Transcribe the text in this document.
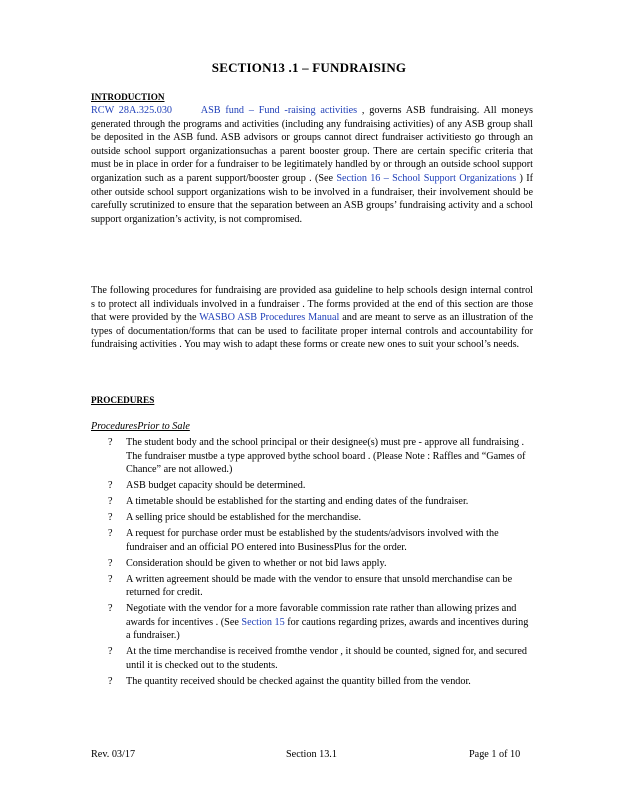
SECTION13 .1 – FUNDRAISING
INTRODUCTION
RCW 28A.325.030	ASB fund – Fund -raising activities , governs ASB fundraising. All moneys generated through the programs and activities (including any fundraising activities) of any ASB group shall be deposited in the ASB fund. ASB advisors or groups cannot direct fundraiser activitiesto go through an outside school support organizationsuchas a parent booster group. There are certain specific criteria that must be in place in order for a fundraiser to be legitimately handled by or through an outside school support organization such as a parent support/booster group . (See Section 16 – School Support Organizations ) If other outside school support organizations wish to be involved in a fundraiser, their involvement should be carefully scrutinized to ensure that the separation between an ASB groups’ fundraising activity and a school support organization’s activity, is not compromised.
The following procedures for fundraising are provided asa guideline to help schools design internal control s to protect all individuals involved in a fundraiser . The forms provided at the end of this section are those that were provided by the WASBO ASB Procedures Manual and are meant to serve as an illustration of the types of documentation/forms that can be used to facilitate proper internal controls and accountability for fundraising activities . You may wish to adapt these forms or create new ones to suit your school’s needs.
PROCEDURES
ProceduresPrior to Sale
? The student body and the school principal or their designee(s) must pre - approve all fundraising . The fundraiser mustbe a type approved bythe school board . (Please Note : Raffles and “Games of Chance” are not allowed.)
? ASB budget capacity should be determined.
? A timetable should be established for the starting and ending dates of the fundraiser.
? A selling price should be established for the merchandise.
? A request for purchase order must be established by the students/advisors involved with the fundraiser and an official PO entered into BusinessPlus for the order.
? Consideration should be given to whether or not bid laws apply.
? A written agreement should be made with the vendor to ensure that unsold merchandise can be returned for credit.
? Negotiate with the vendor for a more favorable commission rate rather than allowing prizes and awards for incentives . (See Section 15 for cautions regarding prizes, awards and incentives during a fundraiser.)
? At the time merchandise is received fromthe vendor , it should be counted, signed for, and secured until it is checked out to the students.
? The quantity received should be checked against the quantity billed from the vendor.
Rev. 03/17	Section 13.1	Page 1 of 10
